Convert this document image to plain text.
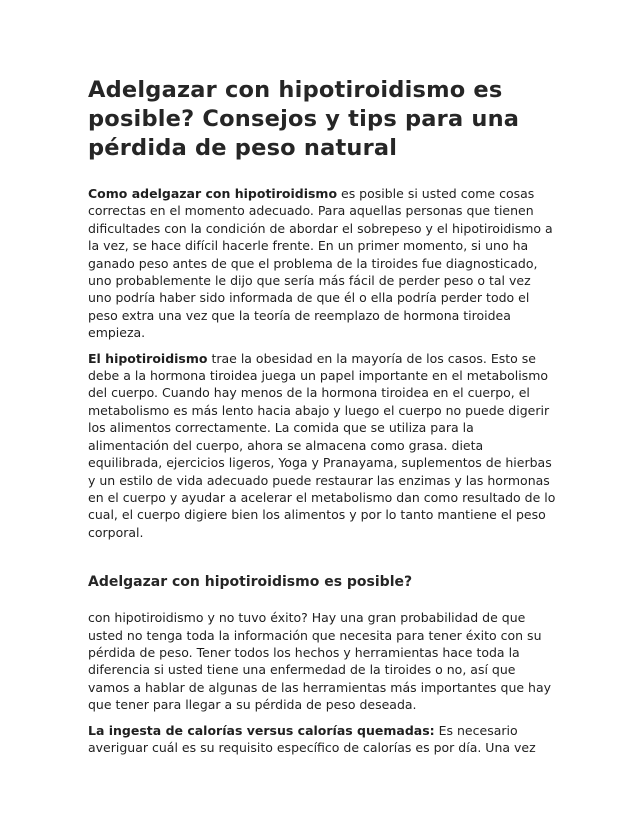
Adelgazar con hipotiroidismo es posible? Consejos y tips para una pérdida de peso natural

Como adelgazar con hipotiroidismo es posible si usted come cosas correctas en el momento adecuado. Para aquellas personas que tienen dificultades con la condición de abordar el sobrepeso y el hipotiroidismo a la vez, se hace difícil hacerle frente. En un primer momento, si uno ha ganado peso antes de que el problema de la tiroides fue diagnosticado, uno probablemente le dijo que sería más fácil de perder peso o tal vez uno podría haber sido informada de que él o ella podría perder todo el peso extra una vez que la teoría de reemplazo de hormona tiroidea empieza.

El hipotiroidismo trae la obesidad en la mayoría de los casos. Esto se debe a la hormona tiroidea juega un papel importante en el metabolismo del cuerpo. Cuando hay menos de la hormona tiroidea en el cuerpo, el metabolismo es más lento hacia abajo y luego el cuerpo no puede digerir los alimentos correctamente. La comida que se utiliza para la alimentación del cuerpo, ahora se almacena como grasa. dieta equilibrada, ejercicios ligeros, Yoga y Pranayama, suplementos de hierbas y un estilo de vida adecuado puede restaurar las enzimas y las hormonas en el cuerpo y ayudar a acelerar el metabolismo dan como resultado de lo cual, el cuerpo digiere bien los alimentos y por lo tanto mantiene el peso corporal.

Adelgazar con hipotiroidismo es posible?

con hipotiroidismo y no tuvo éxito? Hay una gran probabilidad de que usted no tenga toda la información que necesita para tener éxito con su pérdida de peso. Tener todos los hechos y herramientas hace toda la diferencia si usted tiene una enfermedad de la tiroides o no, así que vamos a hablar de algunas de las herramientas más importantes que hay que tener para llegar a su pérdida de peso deseada.

La ingesta de calorías versus calorías quemadas: Es necesario averiguar cuál es su requisito específico de calorías es por día. Una vez
